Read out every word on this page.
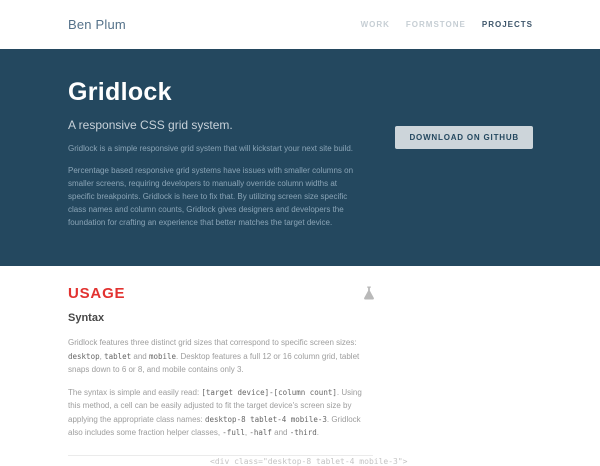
Ben Plum	WORK FORMSTONE PROJECTS
Gridlock

A responsive CSS grid system.

Gridlock is a simple responsive grid system that will kickstart your next site build.

Percentage based responsive grid systems have issues with smaller columns on smaller screens, requiring developers to manually override column widths at specific breakpoints. Gridlock is here to fix that. By utilizing screen size specific class names and column counts, Gridlock gives designers and developers the foundation for crafting an experience that better matches the target device.

DOWNLOAD ON GITHUB
USAGE
Syntax

Gridlock features three distinct grid sizes that correspond to specific screen sizes: desktop, tablet and mobile. Desktop features a full 12 or 16 column grid, tablet snaps down to 6 or 8, and mobile contains only 3.

The syntax is simple and easily read: [target device]-[column count]. Using this method, a cell can be easily adjusted to fit the target device's screen size by applying the appropriate class names: desktop-8 tablet-4 mobile-3. Gridlock also includes some fraction helper classes, -full, -half and -third.

<div class="desktop-8 tablet-4 mobile-3">
